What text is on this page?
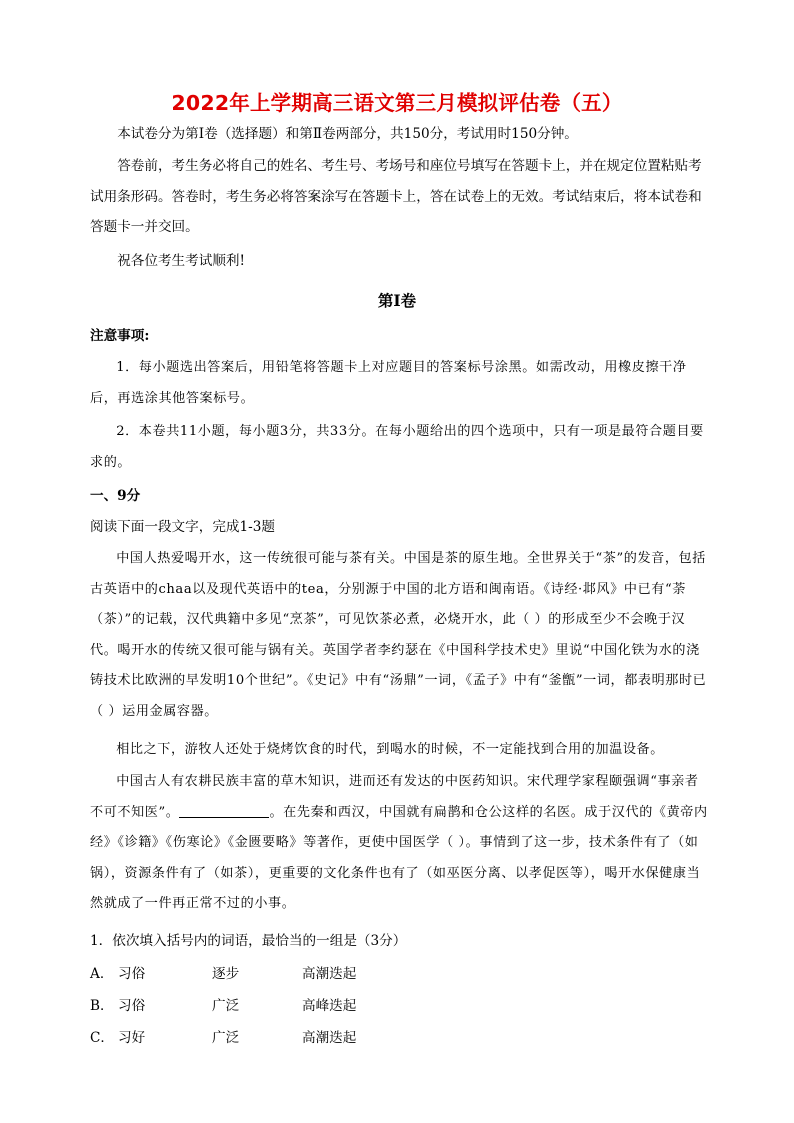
2022年上学期高三语文第三月模拟评估卷（五）
本试卷分为第Ⅰ卷（选择题）和第Ⅱ卷两部分，共150分，考试用时150分钟。
答卷前，考生务必将自己的姓名、考生号、考场号和座位号填写在答题卡上，并在规定位置粘贴考试用条形码。答卷时，考生务必将答案涂写在答题卡上，答在试卷上的无效。考试结束后，将本试卷和答题卡一并交回。
祝各位考生考试顺利!
第Ⅰ卷
注意事项:
1．每小题选出答案后，用铅笔将答题卡上对应题目的答案标号涂黑。如需改动，用橡皮擦干净后，再选涂其他答案标号。
2．本卷共11小题，每小题3分，共33分。在每小题给出的四个选项中，只有一项是最符合题目要求的。
一、9分
阅读下面一段文字，完成1-3题
中国人热爱喝开水，这一传统很可能与茶有关。中国是茶的原生地。全世界关于“茶”的发音，包括古英语中的chaa以及现代英语中的tea，分别源于中国的北方语和闽南语。《诗经·邶风》中已有“荼（茶）”的记载，汉代典籍中多见“烹茶”，可见饮茶必煮，必烧开水，此（ ）的形成至少不会晚于汉代。喝开水的传统又很可能与锅有关。英国学者李约瑟在《中国科学技术史》里说“中国化铁为水的浇铸技术比欧洲的早发明10个世纪”。《史记》中有“汤鼎”一词，《孟子》中有“釜甑”一词，都表明那时已（ ）运用金属容器。
相比之下，游牧人还处于烧烤饮食的时代，到喝水的时候，不一定能找到合用的加温设备。
中国古人有农耕民族丰富的草木知识，进而还有发达的中医药知识。宋代理学家程颐强调“事亲者不可不知医”。	。在先秦和西汉，中国就有扁鹊和仓公这样的名医。成于汉代的《黄帝内经》《诊籍》《伤寒论》《金匮要略》等著作，更使中国医学（ ）。事情到了这一步，技术条件有了（如锅），资源条件有了（如茶），更重要的文化条件也有了（如巫医分离、以孝促医等），喝开水保健康当然就成了一件再正常不过的小事。
1．依次填入括号内的词语，最恰当的一组是（3分）
A． 习俗	逐步	高潮迭起
B． 习俗	广泛	高峰迭起
C． 习好	广泛	高潮迭起
